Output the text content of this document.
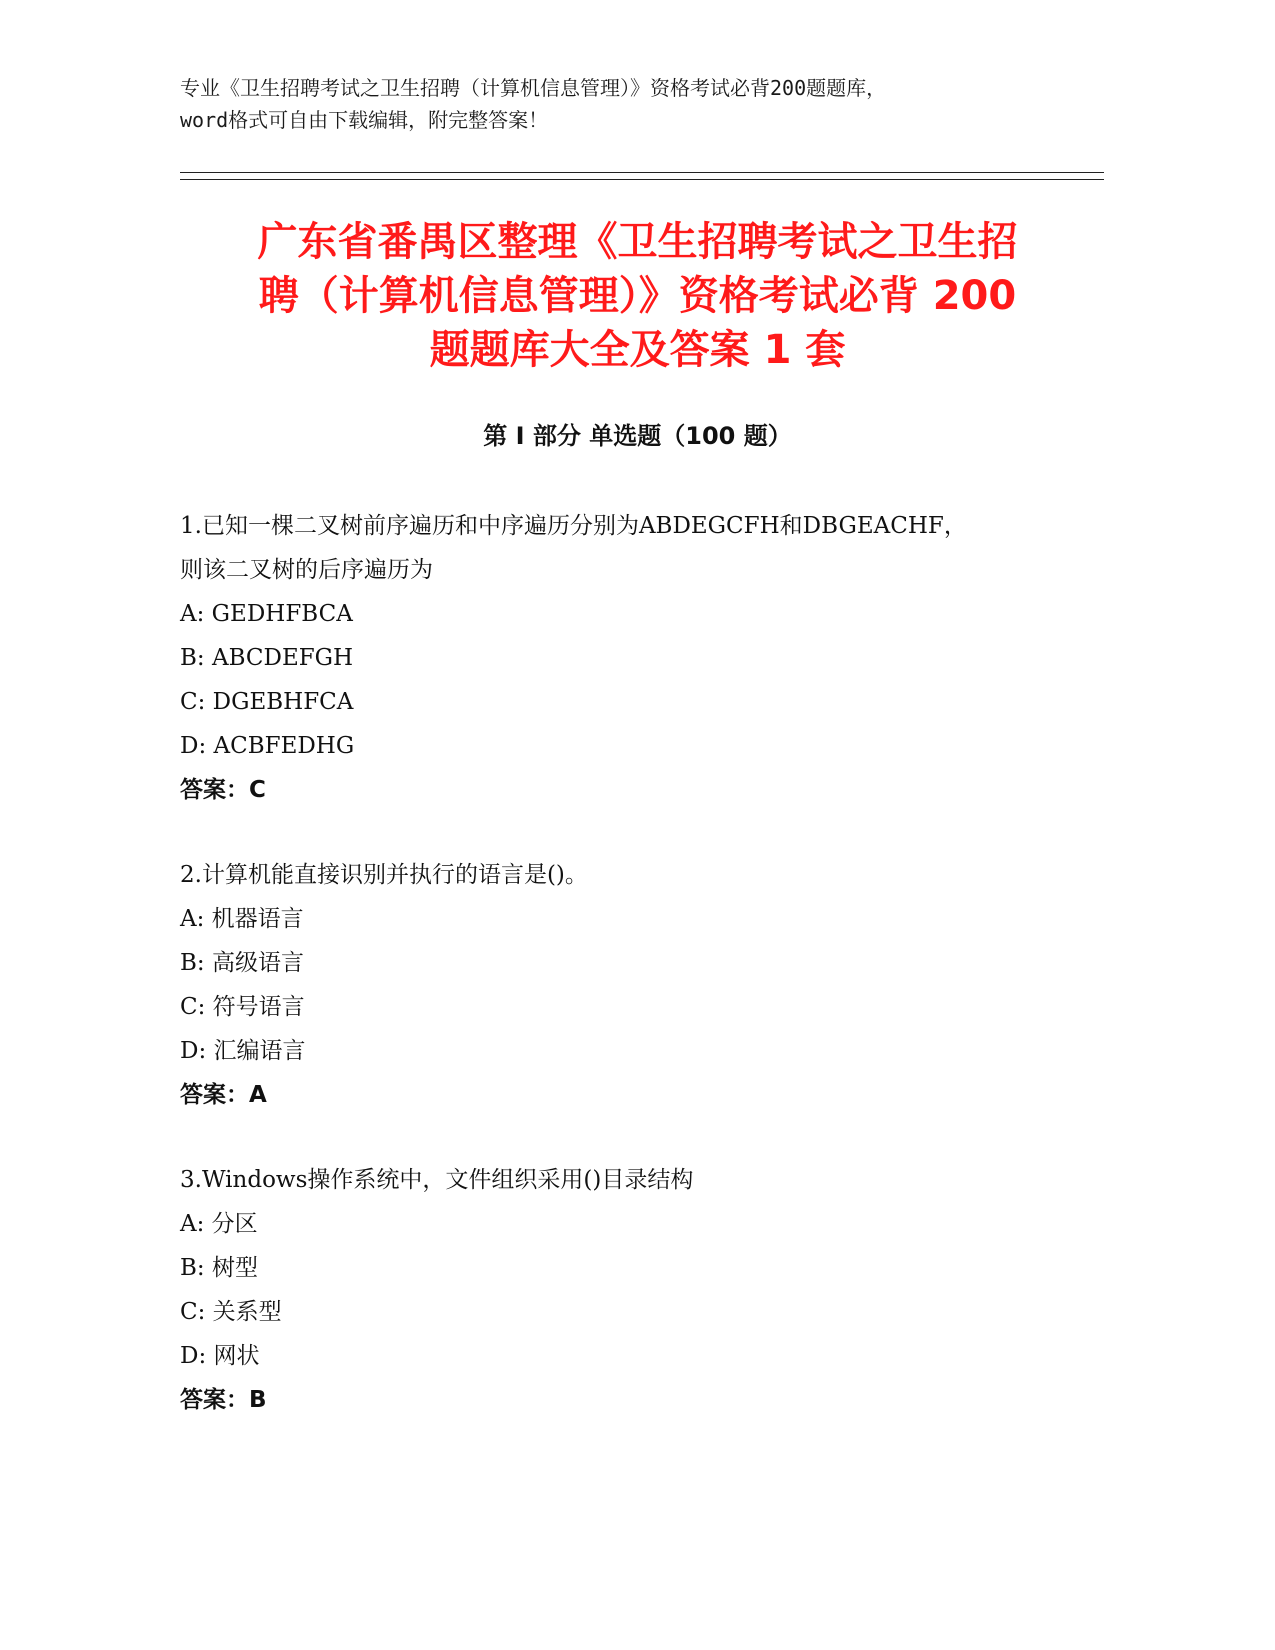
专业《卫生招聘考试之卫生招聘（计算机信息管理）》资格考试必背200题题库，
word格式可自由下载编辑，附完整答案！
广东省番禺区整理《卫生招聘考试之卫生招
聘（计算机信息管理）》资格考试必背 200
题题库大全及答案 1 套
第 I 部分 单选题（100 题）
1.已知一棵二叉树前序遍历和中序遍历分别为ABDEGCFH和DBGEACHF，
则该二叉树的后序遍历为
A: GEDHFBCA
B: ABCDEFGH
C: DGEBHFCA
D: ACBFEDHG
答案：C
2.计算机能直接识别并执行的语言是()。
A: 机器语言
B: 高级语言
C: 符号语言
D: 汇编语言
答案：A
3.Windows操作系统中，文件组织采用()目录结构
A: 分区
B: 树型
C: 关系型
D: 网状
答案：B
